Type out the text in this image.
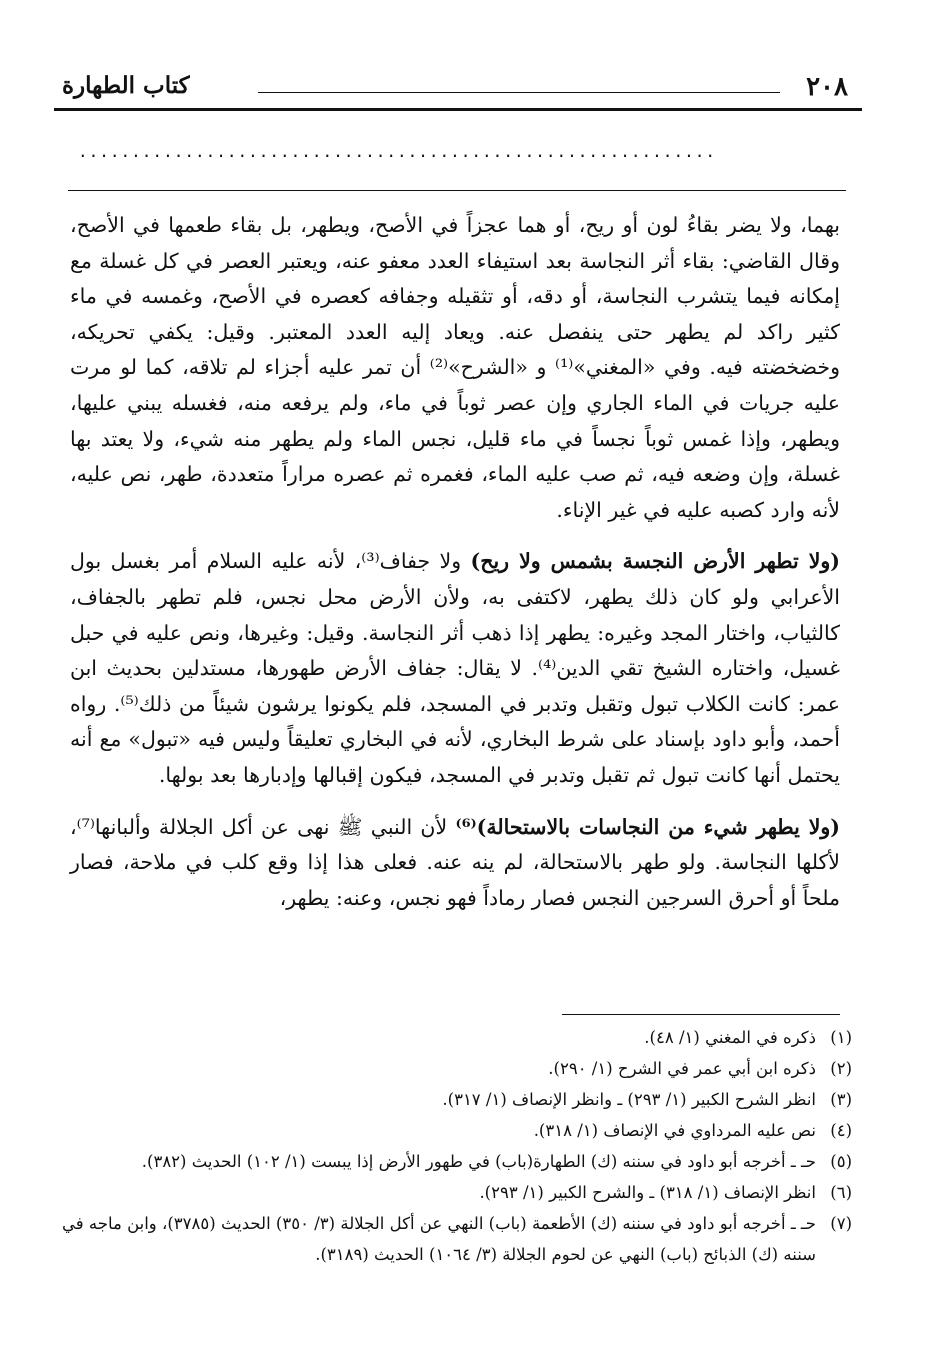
٢٠٨
كتاب الطهارة
............................................................

بهما، ولا يضر بقاءُ لون أو ريح، أو هما عجزاً في الأصح، ويطهر، بل بقاء طعمها في الأصح، وقال القاضي: بقاء أثر النجاسة بعد استيفاء العدد معفو عنه، ويعتبر العصر في كل غسلة مع إمكانه فيما يتشرب النجاسة، أو دقه، أو تثقيله وجفافه كعصره في الأصح، وغمسه في ماء كثير راكد لم يطهر حتى ينفصل عنه. ويعاد إليه العدد المعتبر. وقيل: يكفي تحريكه، وخضخضته فيه. وفي «المغني»⁽¹⁾ و «الشرح»⁽²⁾ أن تمر عليه أجزاء لم تلاقه، كما لو مرت عليه جريات في الماء الجاري وإن عصر ثوباً في ماء، ولم يرفعه منه، فغسله يبني عليها، ويطهر، وإذا غمس ثوباً نجساً في ماء قليل، نجس الماء ولم يطهر منه شيء، ولا يعتد بها غسلة، وإن وضعه فيه، ثم صب عليه الماء، فغمره ثم عصره مراراً متعددة، طهر، نص عليه، لأنه وارد كصبه عليه في غير الإناء.

(ولا تطهر الأرض النجسة بشمس ولا ريح) ولا جفاف⁽³⁾، لأنه عليه السلام أمر بغسل بول الأعرابي ولو كان ذلك يطهر، لاكتفى به، ولأن الأرض محل نجس، فلم تطهر بالجفاف، كالثياب، واختار المجد وغيره: يطهر إذا ذهب أثر النجاسة. وقيل: وغيرها، ونص عليه في حبل غسيل، واختاره الشيخ تقي الدين⁽⁴⁾. لا يقال: جفاف الأرض طهورها، مستدلين بحديث ابن عمر: كانت الكلاب تبول وتقبل وتدبر في المسجد، فلم يكونوا يرشون شيئاً من ذلك⁽⁵⁾. رواه أحمد، وأبو داود بإسناد على شرط البخاري، لأنه في البخاري تعليقاً وليس فيه «تبول» مع أنه يحتمل أنها كانت تبول ثم تقبل وتدبر في المسجد، فيكون إقبالها وإدبارها بعد بولها.

(ولا يطهر شيء من النجاسات بالاستحالة)⁽⁶⁾ لأن النبي ﷺ نهى عن أكل الجلالة وألبانها⁽⁷⁾، لأكلها النجاسة. ولو طهر بالاستحالة، لم ينه عنه. فعلى هذا إذا وقع كلب في ملاحة، فصار ملحاً أو أحرق السرجين النجس فصار رماداً فهو نجس، وعنه: يطهر،

(١)
ذكره في المغني (١/ ٤٨).
(٢)
ذكره ابن أبي عمر في الشرح (١/ ٢٩٠).
(٣)
انظر الشرح الكبير (١/ ٢٩٣) ـ وانظر الإنصاف (١/ ٣١٧).
(٤)
نص عليه المرداوي في الإنصاف (١/ ٣١٨).
(٥)
حـ ـ أخرجه أبو داود في سننه (ك) الطهارة(باب) في طهور الأرض إذا يبست (١/ ١٠٢) الحديث (٣٨٢).
(٦)
انظر الإنصاف (١/ ٣١٨) ـ والشرح الكبير (١/ ٢٩٣).
(٧)
حـ ـ أخرجه أبو داود في سننه (ك) الأطعمة (باب) النهي عن أكل الجلالة (٣/ ٣٥٠) الحديث (٣٧٨٥)، وابن ماجه في سننه (ك) الذبائح (باب) النهي عن لحوم الجلالة (٣/ ١٠٦٤) الحديث (٣١٨٩).
